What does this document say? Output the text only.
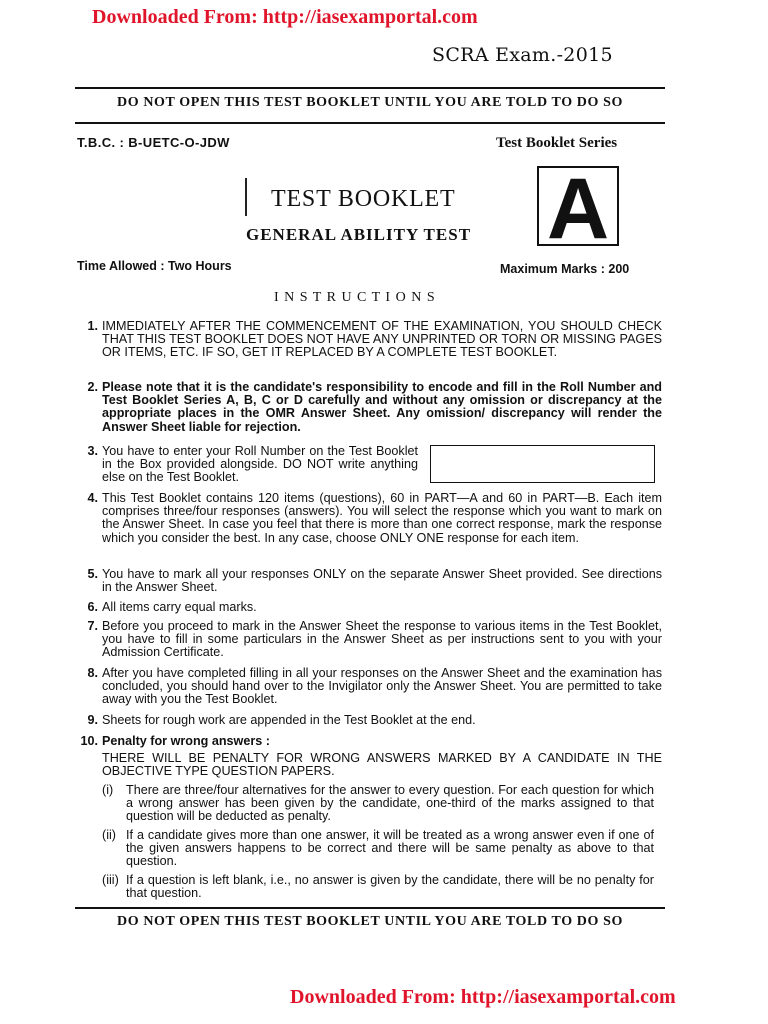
Downloaded From: http://iasexamportal.com
SCRA Exam.-2015
DO NOT OPEN THIS TEST BOOKLET UNTIL YOU ARE TOLD TO DO SO
T.B.C. : B-UETC-O-JDW	Test Booklet Series
TEST BOOKLET
GENERAL ABILITY TEST A
Time Allowed : Two Hours	Maximum Marks : 200
I N S T R U C T I O N S
1. IMMEDIATELY AFTER THE COMMENCEMENT OF THE EXAMINATION, YOU SHOULD CHECK THAT THIS TEST BOOKLET DOES NOT HAVE ANY UNPRINTED OR TORN OR MISSING PAGES OR ITEMS, ETC. IF SO, GET IT REPLACED BY A COMPLETE TEST BOOKLET.
2. Please note that it is the candidate's responsibility to encode and fill in the Roll Number and Test Booklet Series A, B, C or D carefully and without any omission or discrepancy at the appropriate places in the OMR Answer Sheet. Any omission/ discrepancy will render the Answer Sheet liable for rejection.
3. You have to enter your Roll Number on the Test Booklet in the Box provided alongside. DO NOT write anything else on the Test Booklet.
4. This Test Booklet contains 120 items (questions), 60 in PART—A and 60 in PART—B. Each item comprises three/four responses (answers). You will select the response which you want to mark on the Answer Sheet. In case you feel that there is more than one correct response, mark the response which you consider the best. In any case, choose ONLY ONE response for each item.
5. You have to mark all your responses ONLY on the separate Answer Sheet provided. See directions in the Answer Sheet.
6. All items carry equal marks.
7. Before you proceed to mark in the Answer Sheet the response to various items in the Test Booklet, you have to fill in some particulars in the Answer Sheet as per instructions sent to you with your Admission Certificate.
8. After you have completed filling in all your responses on the Answer Sheet and the examination has concluded, you should hand over to the Invigilator only the Answer Sheet. You are permitted to take away with you the Test Booklet.
9. Sheets for rough work are appended in the Test Booklet at the end.
10. Penalty for wrong answers :
THERE WILL BE PENALTY FOR WRONG ANSWERS MARKED BY A CANDIDATE IN THE OBJECTIVE TYPE QUESTION PAPERS.
(i)	There are three/four alternatives for the answer to every question. For each question for which a wrong answer has been given by the candidate, one-third of the marks assigned to that question will be deducted as penalty.
(ii) If a candidate gives more than one answer, it will be treated as a wrong answer even if one of the given answers happens to be correct and there will be same penalty as above to that question.
(iii) If a question is left blank, i.e., no answer is given by the candidate, there will be no penalty for that question.
DO NOT OPEN THIS TEST BOOKLET UNTIL YOU ARE TOLD TO DO SO
Downloaded From: http://iasexamportal.com
